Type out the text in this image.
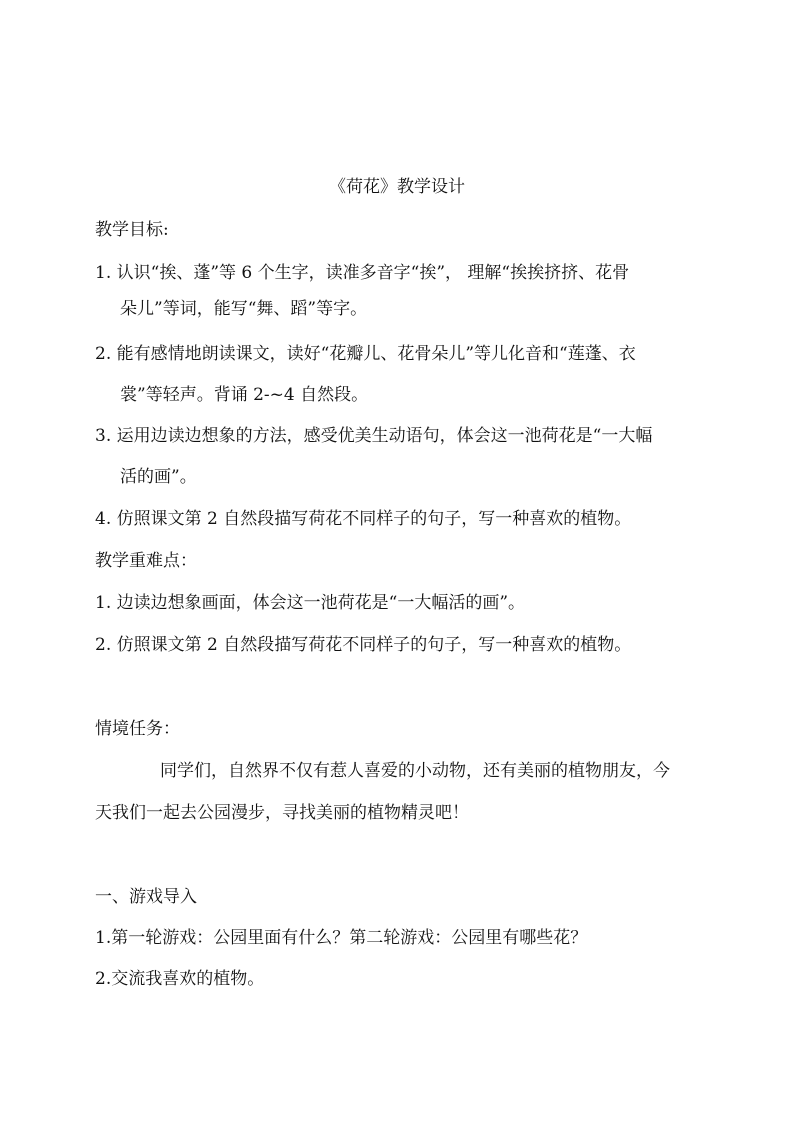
《荷花》教学设计
教学目标:
1. 认识“挨、蓬”等 6 个生字，读准多音字“挨”， 理解“挨挨挤挤、花骨
朵儿”等词，能写“舞、蹈”等字。
2. 能有感情地朗读课文，读好“花瓣儿、花骨朵儿”等儿化音和“莲蓬、衣
裳”等轻声。背诵 2-~4 自然段。
3. 运用边读边想象的方法，感受优美生动语句，体会这一池荷花是“一大幅
活的画”。
4. 仿照课文第 2 自然段描写荷花不同样子的句子，写一种喜欢的植物。
教学重难点：
1. 边读边想象画面，体会这一池荷花是“一大幅活的画”。
2. 仿照课文第 2 自然段描写荷花不同样子的句子，写一种喜欢的植物。
情境任务：
同学们，自然界不仅有惹人喜爱的小动物，还有美丽的植物朋友，今
天我们一起去公园漫步，寻找美丽的植物精灵吧！
一、游戏导入
1.第一轮游戏：公园里面有什么？第二轮游戏：公园里有哪些花？
2.交流我喜欢的植物。
